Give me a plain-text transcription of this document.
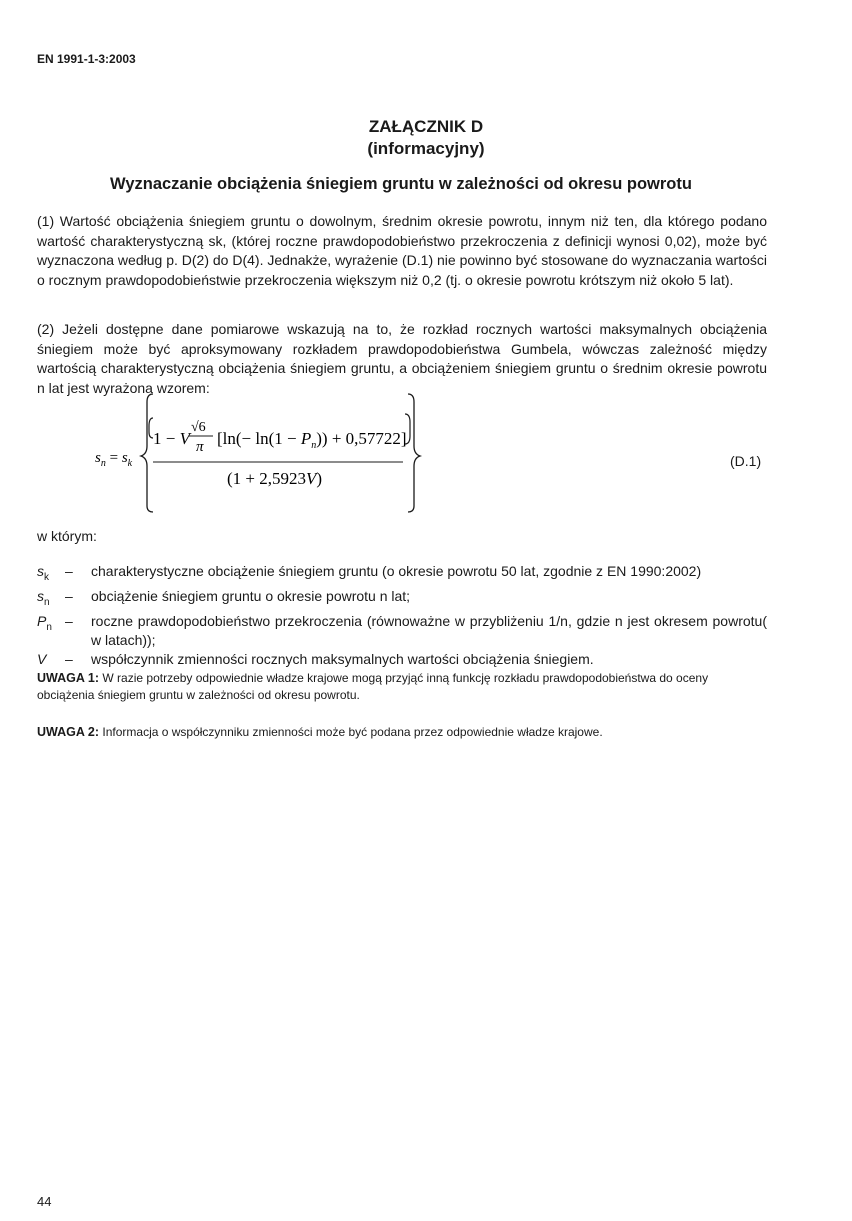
EN 1991-1-3:2003
ZAŁĄCZNIK D
(informacyjny)
Wyznaczanie obciążenia śniegiem gruntu w zależności od okresu powrotu
(1) Wartość obciążenia śniegiem gruntu o dowolnym, średnim okresie powrotu, innym niż ten, dla którego podano wartość charakterystyczną sk, (której roczne prawdopodobieństwo przekroczenia z definicji wynosi 0,02), może być wyznaczona według p. D(2) do D(4). Jednakże, wyrażenie (D.1) nie powinno być stosowane do wyznaczania wartości o rocznym prawdopodobieństwie przekroczenia większym niż 0,2 (tj. o okresie powrotu krótszym niż około 5 lat).
(2) Jeżeli dostępne dane pomiarowe wskazują na to, że rozkład rocznych wartości maksymalnych obciążenia śniegiem może być aproksymowany rozkładem prawdopodobieństwa Gumbela, wówczas zależność między wartością charakterystyczną obciążenia śniegiem gruntu, a obciążeniem śniegiem gruntu o średnim okresie powrotu n lat jest wyrażona wzorem:
$s_n = s_k$
1 − V
√6
π $[\ln(- \ln(1 - P_n)) + 0,57722]$
(1 + 2,5923V)
(D.1)
w którym:
$s_k$	–	charakterystyczne obciążenie śniegiem gruntu (o okresie powrotu 50 lat, zgodnie z EN 1990:2002)
$s_n$	–	obciążenie śniegiem gruntu o okresie powrotu n lat;
$P_n$ –	roczne prawdopodobieństwo przekroczenia (równoważne w przybliżeniu 1/n, gdzie n jest okresem powrotu( w latach));
V	–	współczynnik zmienności rocznych maksymalnych wartości obciążenia śniegiem.
UWAGA 1: W razie potrzeby odpowiednie władze krajowe mogą przyjąć inną funkcję rozkładu prawdopodobieństwa do oceny obciążenia śniegiem gruntu w zależności od okresu powrotu.
UWAGA 2: Informacja o współczynniku zmienności może być podana przez odpowiednie władze krajowe.
44
